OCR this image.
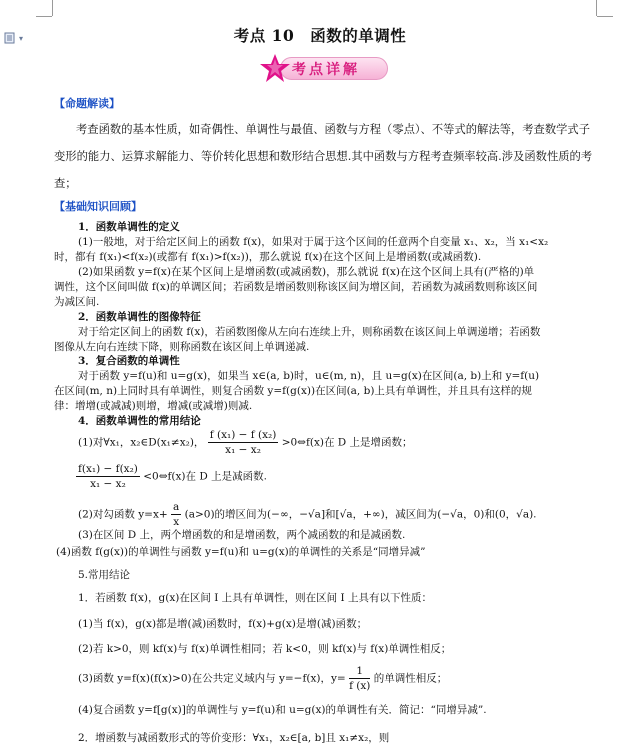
▾	考点 10　函数的单调性
考点详解
【命题解读】
考查函数的基本性质，如奇偶性、单调性与最值、函数与方程（零点）、不等式的解法等，考查数学式子变形的能力、运算求解能力、等价转化思想和数形结合思想.其中函数与方程考查频率较高.涉及函数性质的考查；
【基础知识回顾】
1．函数单调性的定义
(1)一般地，对于给定区间上的函数 f(x)，如果对于属于这个区间的任意两个自变量 x₁、x₂，当 x₁<x₂
时，都有 f(x₁)<f(x₂)(或都有 f(x₁)>f(x₂))，那么就说 f(x)在这个区间上是增函数(或减函数).
(2)如果函数 y=f(x)在某个区间上是增函数(或减函数)，那么就说 f(x)在这个区间上具有(严格的)单
调性，这个区间叫做 f(x)的单调区间；若函数是增函数则称该区间为增区间，若函数为减函数则称该区间
为减区间.
2．函数单调性的图像特征
对于给定区间上的函数 f(x)，若函数图像从左向右连续上升，则称函数在该区间上单调递增；若函数
图像从左向右连续下降，则称函数在该区间上单调递减.
3．复合函数的单调性
对于函数 y=f(u)和 u=g(x)，如果当 x∈(a, b)时，u∈(m, n)，且 u=g(x)在区间(a, b)上和 y=f(u)
在区间(m, n)上同时具有单调性，则复合函数 y=f(g(x))在区间(a, b)上具有单调性，并且具有这样的规
律：增增(或减减)则增，增减(或减增)则减.
4．函数单调性的常用结论
(1)对∀x₁，x₂∈D(x₁≠x₂)， $\frac{\text{f (x₁) − f (x₂)}}{\text{x₁ − x₂}}$ >0⇔f(x)在 D 上是增函数；
$\frac{\text{f(x₁) − f(x₂)}}{\text{x₁ − x₂}}$ <0⇔f(x)在 D 上是减函数.
(2)对勾函数 $y=x+ \frac{a}{x} (a>0)$的增区间为(−∞，−√a]和[√a，+∞)，减区间为(−√a，0)和(0，√a).
(3)在区间 D 上，两个增函数的和是增函数，两个减函数的和是减函数.
(4)函数 f(g(x))的单调性与函数 y=f(u)和 u=g(x)的单调性的关系是“同增异减”
5.常用结论
1．若函数 f(x)，g(x)在区间 I 上具有单调性，则在区间 I 上具有以下性质：
(1)当 f(x)，g(x)都是增(减)函数时，f(x)+g(x)是增(减)函数；
(2)若 k>0，则 kf(x)与 f(x)单调性相同；若 k<0，则 kf(x)与 f(x)单调性相反；
(3)函数 y=f(x)(f(x)>0)在公共定义域内与 y=−f(x)，$y= \frac{1}{f (x)}$ 的单调性相反；
(4)复合函数 y=f[g(x)]的单调性与 y=f(u)和 u=g(x)的单调性有关．简记：“同增异减”.
2．增函数与减函数形式的等价变形：∀x₁，x₂∈[a, b]且 x₁≠x₂，则
